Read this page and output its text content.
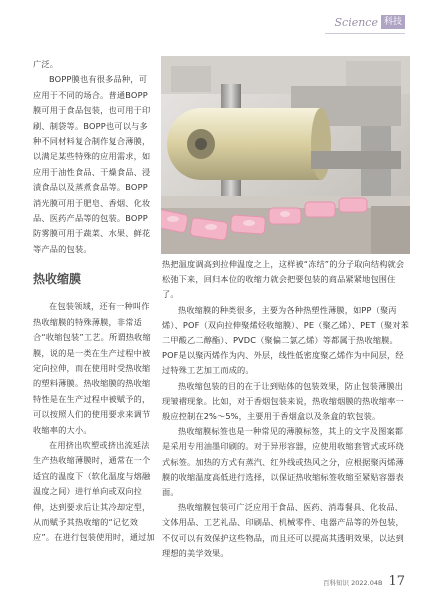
Science 科技

广泛。

BOPP膜也有很多品种，可应用于不同的场合。普通BOPP膜可用于食品包装，也可用于印刷、制袋等。BOPP也可以与多种不同材料复合制作复合薄膜，以满足某些特殊的应用需求，如应用于油性食品、干燥食品、浸渍食品以及蒸煮食品等。BOPP消光膜可用于肥皂、香烟、化妆品、医药产品等的包装。BOPP防雾膜可用于蔬菜、水果、鲜花等产品的包装。

热收缩膜

在包装领域，还有一种叫作热收缩膜的特殊薄膜，非常适合“收缩包装”工艺。所谓热收缩膜，说的是一类在生产过程中被定向拉伸，而在使用时受热收缩的塑料薄膜。热收缩膜的热收缩特性是在生产过程中被赋予的，可以按照人们的使用要求来调节收缩率的大小。

在用挤出吹塑或挤出流延法生产热收缩薄膜时，通常在一个适宜的温度下（软化温度与熔融温度之间）进行单向或双向拉伸，达到要求后让其冷却定型，从而赋予其热收缩的“记忆效应”。在进行包装使用时，通过加

热把温度调高到拉伸温度之上，这样被“冻结”的分子取向结构就会松弛下来，回归本位的收缩力就会把要包装的商品紧紧地包围住了。

热收缩膜的种类很多，主要为各种热塑性薄膜，如PP（聚丙烯）、POF（双向拉伸聚烯烃收缩膜）、PE（聚乙烯）、PET（聚对苯二甲酸乙二醇酯）、PVDC（聚偏二氯乙烯）等都属于热收缩膜。POF是以聚丙烯作为内、外层，线性低密度聚乙烯作为中间层，经过特殊工艺加工而成的。

热收缩包装的目的在于让到贴体的包装效果，防止包装薄膜出现皱褶现象。比如，对于香烟包装来说，热收缩烟膜的热收缩率一般应控制在2%～5%，主要用于香烟盒以及条盒的软包装。

热收缩膜标签也是一种常见的薄膜标签，其上的文字及图案都是采用专用油墨印刷的。对于异形容器，应使用收缩套管式或环绕式标签。加热的方式有蒸汽、红外线或热风之分，应根据聚丙烯薄膜的收缩温度高低进行选择，以保证热收缩标签收缩至紧贴容器表面。

热收缩膜包装可广泛应用于食品、医药、消毒餐具、化妆品、文体用品、工艺礼品、印刷品、机械零件、电器产品等的外包装，不仅可以有效保护这些物品，而且还可以提高其透明效果，以达到理想的美学效果。

百科知识 2022.04B 17
